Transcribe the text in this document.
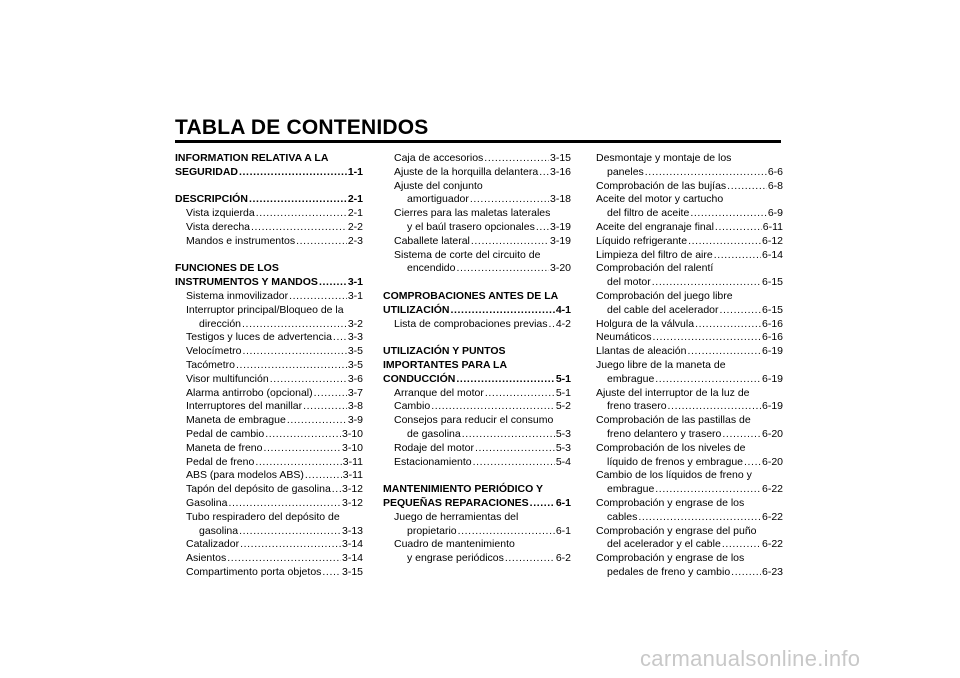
TABLA DE CONTENIDOS
INFORMATION RELATIVA A LA
SEGURIDAD .....	1-1
DESCRIPCIÓN .....	2-1
Vista izquierda .....	2-1
Vista derecha .....	2-2
Mandos e instrumentos .....	2-3
FUNCIONES DE LOS
INSTRUMENTOS Y MANDOS .....	3-1
Sistema inmovilizador .....	3-1
Interruptor principal/Bloqueo de la
dirección .....	3-2
Testigos y luces de advertencia ..... 3-3
Velocímetro .....	3-5
Tacómetro .....	3-5
Visor multifunción .....	3-6
Alarma antirrobo (opcional) .....	3-7
Interruptores del manillar .....	3-8
Maneta de embrague .....	3-9
Pedal de cambio .....	3-10
Maneta de freno .....	3-10
Pedal de freno .....	3-11
ABS (para modelos ABS) .....	3-11
Tapón del depósito de gasolina ..... 3-12
Gasolina .....	3-12
Tubo respiradero del depósito de
gasolina .....	3-13
Catalizador .....	3-14
Asientos .....	3-14
Compartimento porta objetos ..... 3-15
Caja de accesorios .....	3-15
Ajuste de la horquilla delantera ..... 3-16
Ajuste del conjunto
amortiguador .....	3-18
Cierres para las maletas laterales
y el baúl trasero opcionales ..... 3-19
Caballete lateral .....	3-19
Sistema de corte del circuito de
encendido .....	3-20
COMPROBACIONES ANTES DE LA
UTILIZACIÓN .....	4-1
Lista de comprobaciones previas ..... 4-2
UTILIZACIÓN Y PUNTOS
IMPORTANTES PARA LA
CONDUCCIÓN .....	5-1
Arranque del motor .....	5-1
Cambio .....	5-2
Consejos para reducir el consumo
de gasolina .....	5-3
Rodaje del motor .....	5-3
Estacionamiento .....	5-4
MANTENIMIENTO PERIÓDICO Y
PEQUEÑAS REPARACIONES .....	6-1
Juego de herramientas del
propietario .....	6-1
Cuadro de mantenimiento
y engrase periódicos .....	6-2
Desmontaje y montaje de los
paneles .....	6-6
Comprobación de las bujías .....	6-8
Aceite del motor y cartucho
del filtro de aceite .....	6-9
Aceite del engranaje final .....	6-11
Líquido refrigerante .....	6-12
Limpieza del filtro de aire .....	6-14
Comprobación del ralentí
del motor .....	6-15
Comprobación del juego libre
del cable del acelerador .....	6-15
Holgura de la válvula .....	6-16
Neumáticos .....	6-16
Llantas de aleación .....	6-19
Juego libre de la maneta de
embrague .....	6-19
Ajuste del interruptor de la luz de
freno trasero .....	6-19
Comprobación de las pastillas de
freno delantero y trasero .....	6-20
Comprobación de los niveles de
líquido de frenos y embrague ..... 6-20
Cambio de los líquidos de freno y
embrague .....	6-22
Comprobación y engrase de los
cables .....	6-22
Comprobación y engrase del puño
del acelerador y el cable .....	6-22
Comprobación y engrase de los
pedales de freno y cambio .....	6-23
carmanualsonline.info
